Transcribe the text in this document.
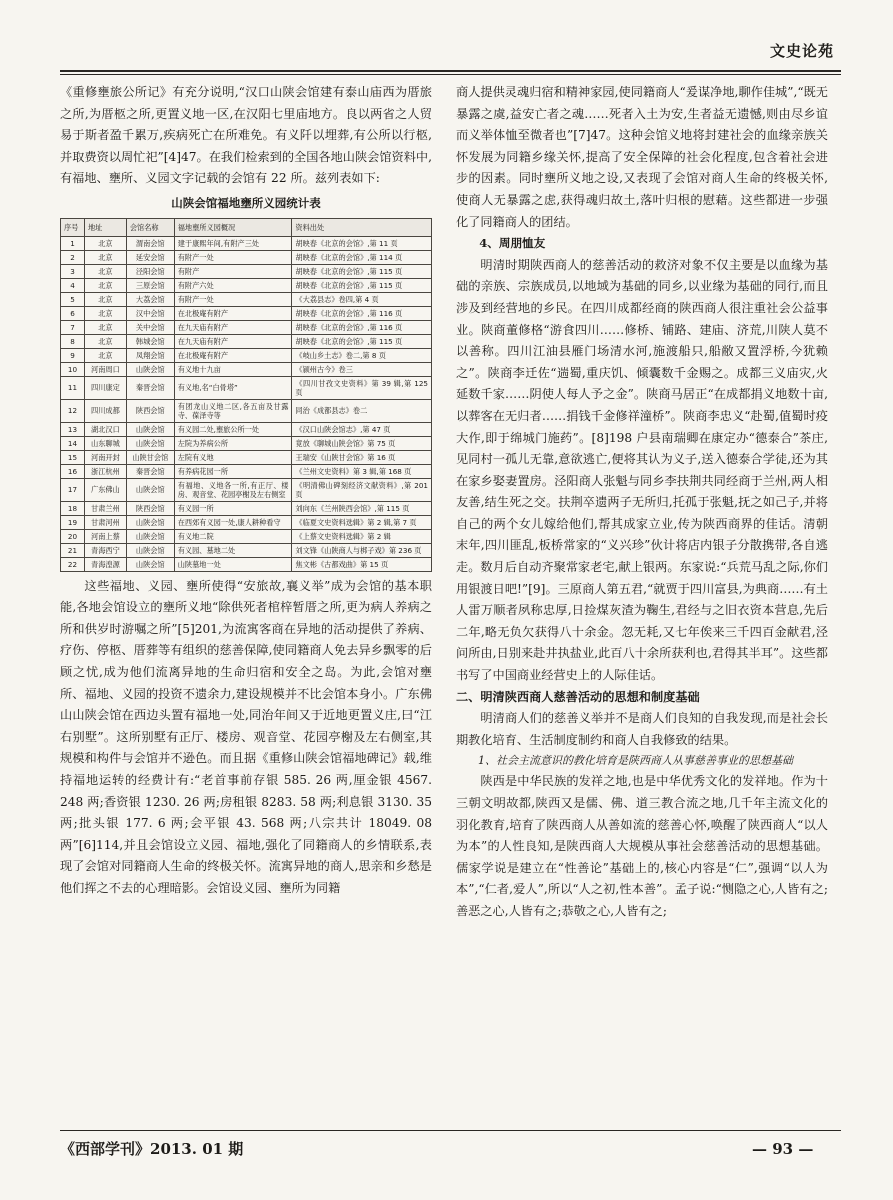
文史论苑

《重修壅旅公所记》有充分说明,“汉口山陕会馆建有泰山庙西为厝旅之所,为厝柩之所,更置义地一区,在汉阳七里庙地方。良以两省之人贸易于斯者盈千累万,疾病死亡在所难免。有义阡以埋葬,有公所以行柩,并取费资以周忙祀”[4]47。在我们检索到的全国各地山陕会馆资料中,有福地、壅所、义园文字记载的会馆有 22 所。兹列表如下:

山陕会馆福地壅所义园统计表
序号	地址	会馆名称	福地壅所义园概况	资料出处
1	北京	渭南会馆	建于康熙年间,有附产三处	胡映春《北京的会馆》,第 11 页
2	北京	延安会馆	有附产一处	胡映春《北京的会馆》,第 114 页
3	北京	泾阳会馆	有附产	胡映春《北京的会馆》,第 115 页
4	北京	三原会馆	有附产六处	胡映春《北京的会馆》,第 115 页
5	北京	大荔会馆	有附产一处	《大荔县志》卷四,第 4 页
6	北京	汉中会馆	在北极庵有附产	胡映春《北京的会馆》,第 116 页
7	北京	关中会馆	在九天庙有附产	胡映春《北京的会馆》,第 116 页
8	北京	韩城会馆	在九天庙有附产	胡映春《北京的会馆》,第 115 页
9	北京	凤翔会馆	在北极庵有附产	《岐山乡土志》卷二,第 8 页
10	河南周口	山陕会馆	有义地十九亩	《颍州古今》卷三
11	四川康定	秦晋会馆	有义地,名“白骨塔”	《四川甘孜文史资料》第 39 辑,第 125 页
12	四川成都	陕西会馆	有团龙山义地二区,各五亩及甘露寺、葆泽寺等	同治《成都县志》卷二
13	湖北汉口	山陕会馆	有义园二处,壅旅公所一处	《汉口山陕会馆志》,第 47 页
14	山东聊城	山陕会馆	左院为养病公所	竟放《聊城山陕会馆》第 75 页
15	河南开封	山陕甘会馆	左院有义地	王瑞安《山陕甘会馆》第 16 页
16	浙江杭州	秦晋会馆	有养病花园一所	《兰州文史资料》第 3 辑,第 168 页
17	广东佛山	山陕会馆	有福地、义地各一所,有正厅、楼房、观音堂、花园亭榭及左右侧室	《明清佛山碑刻经济文献资料》,第 201 页
18	甘肃兰州	陕西会馆	有义园一所	刘向东《兰州陕西会馆》,第 115 页
19	甘肃河州	山陕会馆	在西郊有义园一处,康人耕种看守	《临夏文史资料选辑》第 2 辑,第 7 页
20	河南上蔡	山陕会馆	有义地二院	《上蔡文史资料选辑》第 2 辑
21	青海西宁	山陕会馆	有义园、墓地二处	刘文锋《山陕商人与梆子戏》第 236 页
22	青海湟源	山陕会馆	山陕墓地一处	焦文彬《古都戏曲》第 15 页

这些福地、义园、壅所使得“安旅故,襄义举”成为会馆的基本职能,各地会馆设立的壅所义地“除供死者棺梓暂厝之所,更为病人养病之所和供岁时游嘱之所”[5]201,为流寓客商在异地的活动提供了养病、疗伤、停柩、厝葬等有组织的慈善保障,使同籍商人免去异乡飘零的后顾之忧,成为他们流离异地的生命归宿和安全之岛。为此,会馆对壅所、福地、义园的投资不遗余力,建设规模并不比会馆本身小。广东佛山山陕会馆在西边头置有福地一处,同治年间又于近地更置义庄,曰“江右别墅”。这所别墅有正厅、楼房、观音堂、花园亭榭及左右侧室,其规模和构件与会馆并不逊色。而且据《重修山陕会馆福地碑记》载,维持福地运转的经费计有:“老首事前存银 585. 26 两,厘金银 4567. 248 两;香资银 1230. 26 两;房租银 8283. 58 两;利息银 3130. 35 两;批头银 177. 6 两;会平银 43. 568 两;八宗共计 18049. 08 两”[6]114,并且会馆设立义园、福地,强化了同籍商人的乡情联系,表现了会馆对同籍商人生命的终极关怀。流寓异地的商人,思亲和乡愁是他们挥之不去的心理暗影。会馆设义园、壅所为同籍

商人提供灵魂归宿和精神家园,使同籍商人“爰谋净地,聊作佳城”,“既无暴露之虞,益安亡者之魂……死者入土为安,生者益无遗憾,则由尽乡谊而义举体恤至微者也”[7]47。这种会馆义地将封建社会的血缘亲族关怀发展为同籍乡缘关怀,提高了安全保障的社会化程度,包含着社会进步的因素。同时壅所义地之设,又表现了会馆对商人生命的终极关怀,使商人无暴露之虑,获得魂归故土,落叶归根的慰藉。这些都进一步强化了同籍商人的团结。

4、周朋恤友

明清时期陕西商人的慈善活动的救济对象不仅主要是以血缘为基础的亲族、宗族成员,以地域为基础的同乡,以业缘为基础的同行,而且涉及到经营地的乡民。在四川成都经商的陕西商人很注重社会公益事业。陕商董修格“游食四川……修桥、铺路、建庙、济荒,川陕人莫不以善称。四川江油县雁门场清水河,施渡船只,船敝又置浮桥,今犹赖之”。陕商李迁佐“遄蜀,重庆饥、倾囊数千金赐之。成都三义庙灾,火延数千家……阴使人每人予之金”。陕商马居正“在成都捐义地数十亩,以葬客在无归者……捐钱千金修祥潼桥”。陕商李忠义“赴蜀,值蜀时疫大作,即于绵城门施药”。[8]198 户县南瑞卿在康定办“德泰合”茶庄,见同村一孤儿无靠,意欲逃亡,便将其认为义子,送入德泰合学徒,还为其在家乡娶妻置房。泾阳商人张魁与同乡李扶荆共同经商于兰州,两人相友善,结生死之交。扶荆卒遗两子无所归,托孤于张魁,抚之如己子,并将自己的两个女儿嫁给他们,帮其成家立业,传为陕西商界的佳话。清朝末年,四川匪乱,板桥常家的“义兴珍”伙计将店内银子分散携带,各自逃走。数月后自动齐聚常家老宅,献上银两。东家说:“兵荒马乱之际,你们用银渡日吧!”[9]。三原商人第五君,“就贾于四川富县,为典商……有土人雷万顺者夙称忠厚,日捡煤灰渣为鞠生,君经与之旧衣资本营息,先后二年,略无负欠获得八十余金。忽无耗,又七年俟来三千四百金献君,泾问所由,日别来赴井执盐业,此百八十余所获利也,君得其半耳”。这些都书写了中国商业经营史上的人际佳话。

二、明清陕西商人慈善活动的思想和制度基础

明清商人们的慈善义举并不是商人们良知的自我发现,而是社会长期教化培育、生活制度制约和商人自我修致的结果。

1、社会主流意识的教化培育是陕西商人从事慈善事业的思想基础

陕西是中华民族的发祥之地,也是中华优秀文化的发祥地。作为十三朝文明故都,陕西又是儒、佛、道三教合流之地,几千年主流文化的羽化教育,培育了陕西商人从善如流的慈善心怀,唤醒了陕西商人“以人为本”的人性良知,是陕西商人大规模从事社会慈善活动的思想基础。儒家学说是建立在“性善论”基础上的,核心内容是“仁”,强调“以人为本”,“仁者,爱人”,所以“人之初,性本善”。孟子说:“恻隐之心,人皆有之;善恶之心,人皆有之;恭敬之心,人皆有之;

《西部学刊》2013. 01 期	— 93 —
